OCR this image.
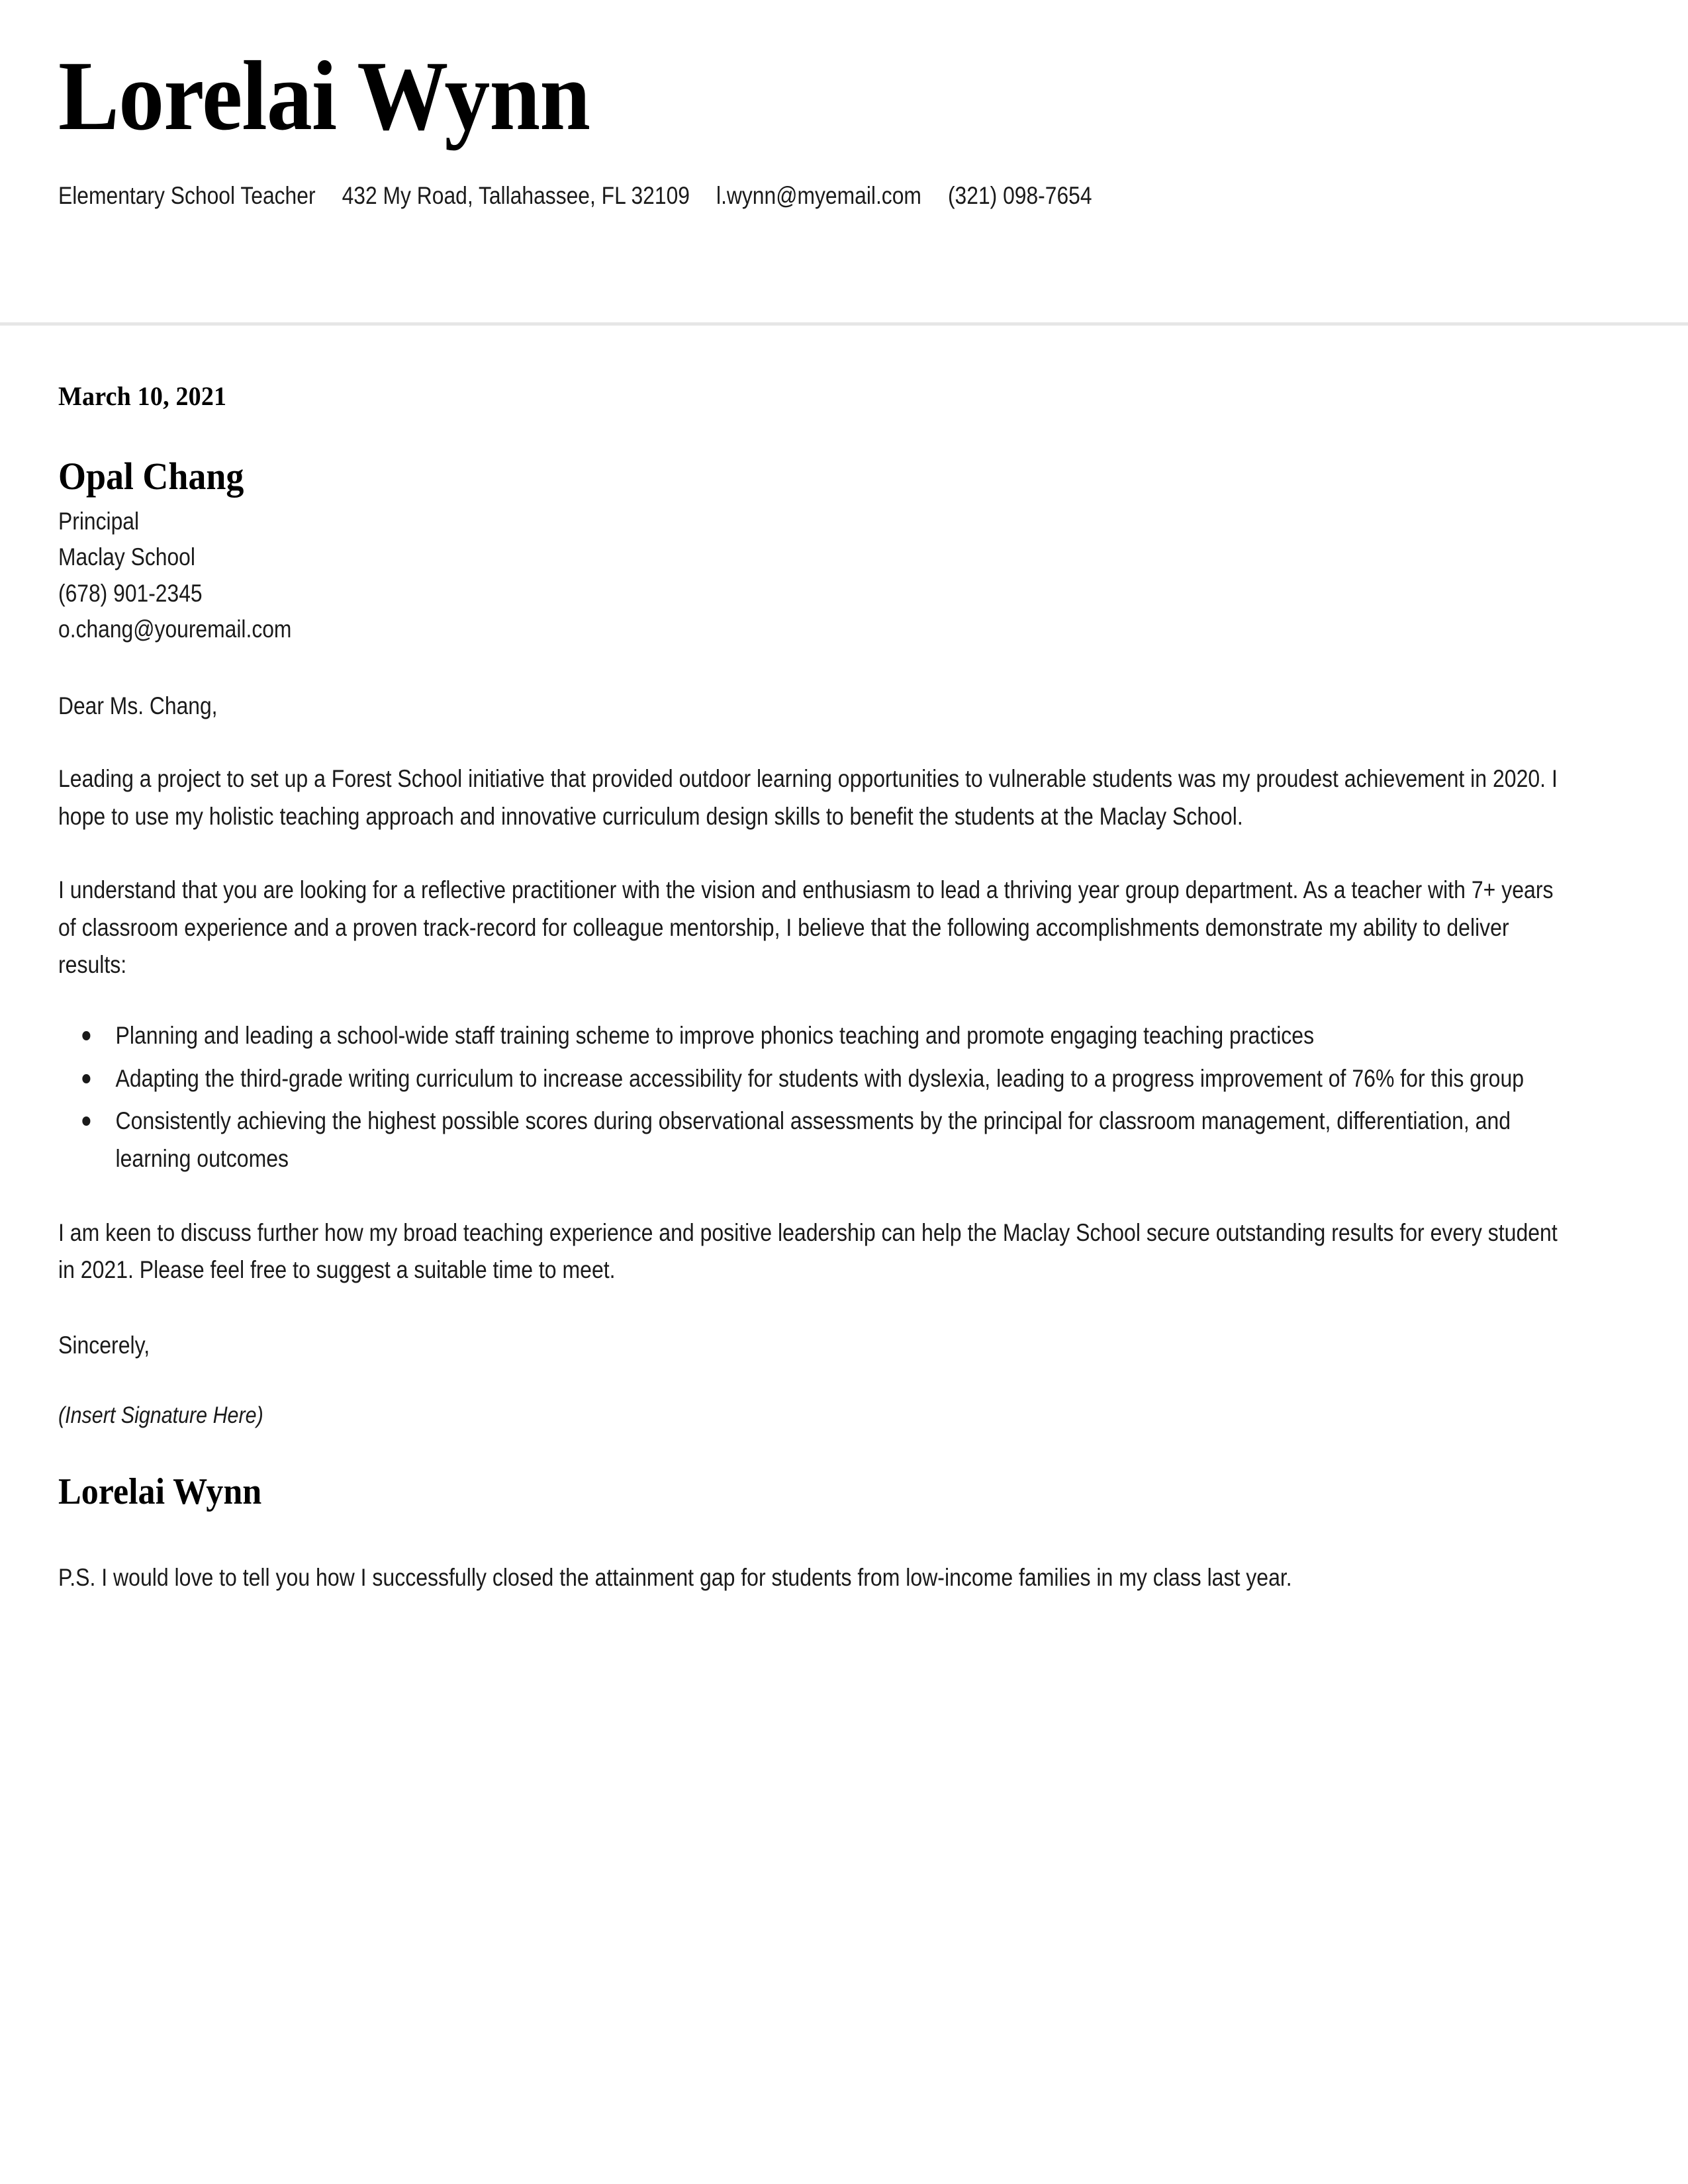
Lorelai Wynn
Elementary School Teacher 432 My Road, Tallahassee, FL 32109 l.wynn@myemail.com (321) 098-7654
March 10, 2021
Opal Chang
Principal
Maclay School
(678) 901-2345
o.chang@youremail.com
Dear Ms. Chang,

Leading a project to set up a Forest School initiative that provided outdoor learning opportunities to vulnerable students was my proudest achievement in 2020. I hope to use my holistic teaching approach and innovative curriculum design skills to benefit the students at the Maclay School.

I understand that you are looking for a reflective practitioner with the vision and enthusiasm to lead a thriving year group department. As a teacher with 7+ years of classroom experience and a proven track-record for colleague mentorship, I believe that the following accomplishments demonstrate my ability to deliver results:

Planning and leading a school-wide staff training scheme to improve phonics teaching and promote engaging teaching practices
Adapting the third-grade writing curriculum to increase accessibility for students with dyslexia, leading to a progress improvement of 76% for this group
Consistently achieving the highest possible scores during observational assessments by the principal for classroom management, differentiation, and learning outcomes

I am keen to discuss further how my broad teaching experience and positive leadership can help the Maclay School secure outstanding results for every student in 2021. Please feel free to suggest a suitable time to meet.

Sincerely,
(Insert Signature Here)
Lorelai Wynn

P.S. I would love to tell you how I successfully closed the attainment gap for students from low-income families in my class last year.
